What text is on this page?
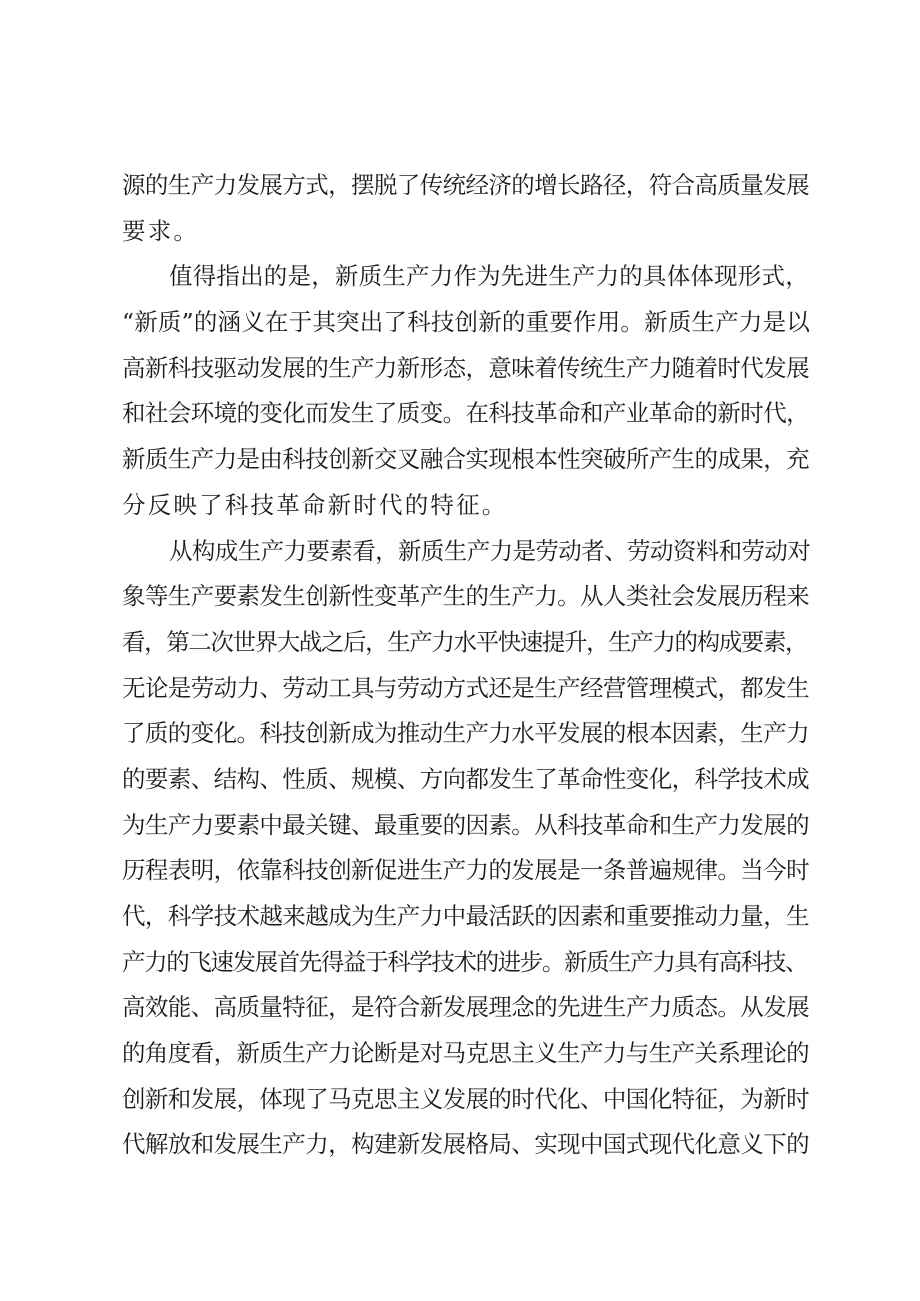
源的生产力发展方式，摆脱了传统经济的增长路径，符合高质量发展
要求。
值得指出的是，新质生产力作为先进生产力的具体体现形式，
“新质”的涵义在于其突出了科技创新的重要作用。新质生产力是以
高新科技驱动发展的生产力新形态，意味着传统生产力随着时代发展
和社会环境的变化而发生了质变。在科技革命和产业革命的新时代，
新质生产力是由科技创新交叉融合实现根本性突破所产生的成果，充
分反映了科技革命新时代的特征。
从构成生产力要素看，新质生产力是劳动者、劳动资料和劳动对
象等生产要素发生创新性变革产生的生产力。从人类社会发展历程来
看，第二次世界大战之后，生产力水平快速提升，生产力的构成要素，
无论是劳动力、劳动工具与劳动方式还是生产经营管理模式，都发生
了质的变化。科技创新成为推动生产力水平发展的根本因素，生产力
的要素、结构、性质、规模、方向都发生了革命性变化，科学技术成
为生产力要素中最关键、最重要的因素。从科技革命和生产力发展的
历程表明，依靠科技创新促进生产力的发展是一条普遍规律。当今时
代，科学技术越来越成为生产力中最活跃的因素和重要推动力量，生
产力的飞速发展首先得益于科学技术的进步。新质生产力具有高科技、
高效能、高质量特征，是符合新发展理念的先进生产力质态。从发展
的角度看，新质生产力论断是对马克思主义生产力与生产关系理论的
创新和发展，体现了马克思主义发展的时代化、中国化特征，为新时
代解放和发展生产力，构建新发展格局、实现中国式现代化意义下的
